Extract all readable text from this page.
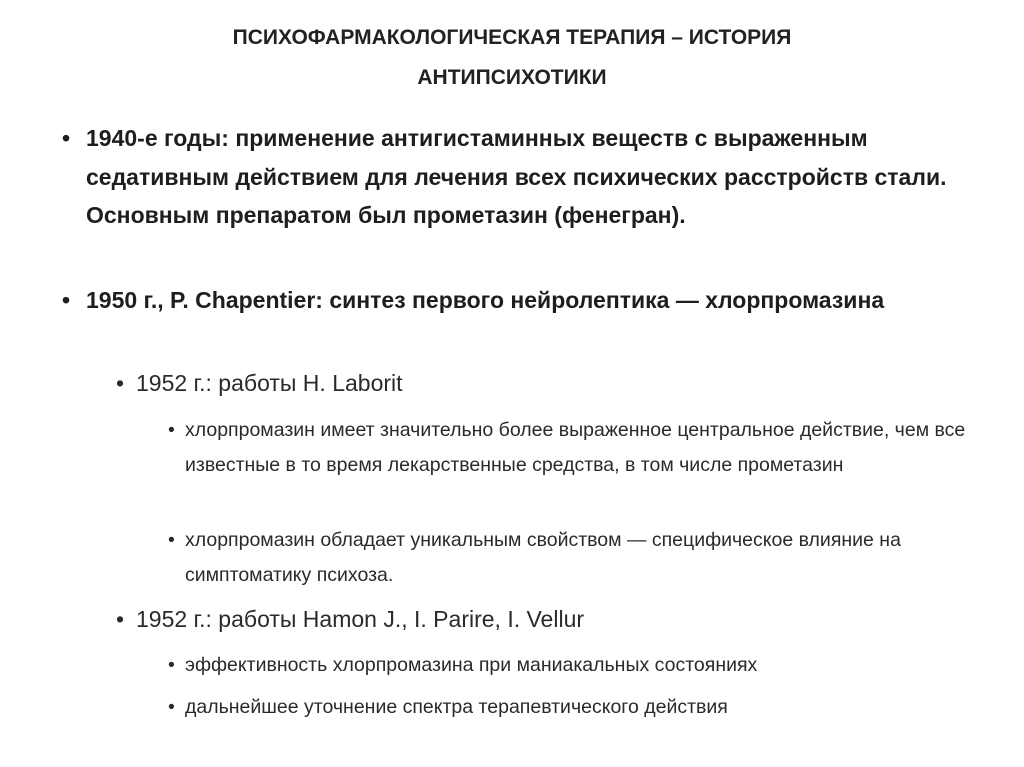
ПСИХОФАРМАКОЛОГИЧЕСКАЯ ТЕРАПИЯ – ИСТОРИЯ
АНТИПСИХОТИКИ
• 1940-е годы: применение антигистаминных веществ с выраженным седативным действием для лечения всех психических расстройств стали. Основным препаратом был прометазин (фенегран).
• 1950 г., P. Chapentier: синтез первого нейролептика — хлорпромазина
• 1952 г.: работы H. Laborit
• хлорпромазин имеет значительно более выраженное центральное действие, чем все известные в то время лекарственные средства, в том числе прометазин
• хлорпромазин обладает уникальным свойством — специфическое влияние на симптоматику психоза.
• 1952 г.: работы Hamon J., I. Parire, I. Vellur
• эффективность хлорпромазина при маниакальных состояниях
• дальнейшее уточнение спектра терапевтического действия
